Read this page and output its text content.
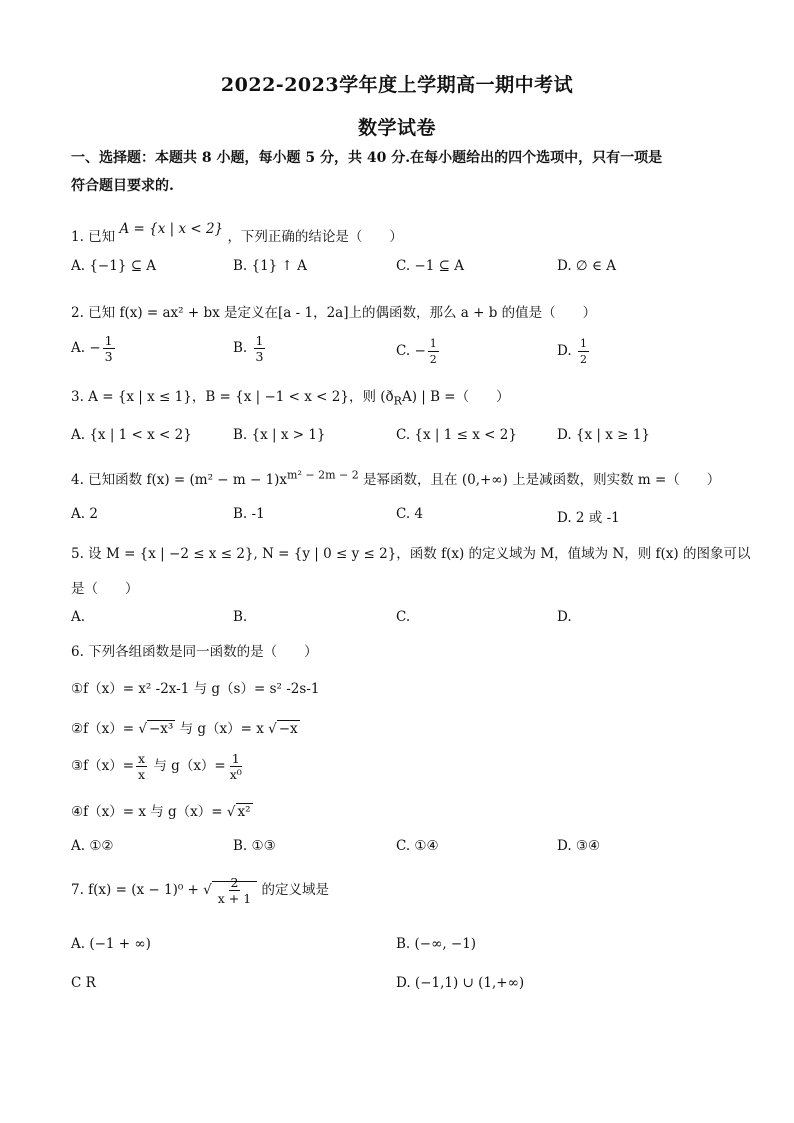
2022-2023学年度上学期高一期中考试
数学试卷
一、选择题：本题共 8 小题，每小题 5 分，共 40 分.在每小题给出的四个选项中，只有一项是
符合题目要求的.
1. 已知 A = {x | x < 2} ，下列正确的结论是（　　）
A. {−1} ⊆ A	B. {1} ↑ A	C. −1 ⊆ A	D. ∅ ∈ A
2. 已知 f(x) = ax² + bx 是定义在[a - 1，2a]上的偶函数，那么 a + b 的值是（　　）
A. − $\frac{1}{3}$	B. $\frac{1}{3}$	C. − $\frac{1}{2}$	D. $\frac{1}{2}$
3. A = {x | x ≤ 1}，B = {x | −1 < x < 2}，则 $(ð_RA)$ | B =（　　）
A. {x | 1 < x < 2}	B. {x | x > 1}	C. {x | 1 ≤ x < 2}	D. {x | x ≥ 1}
4. 已知函数 $f(x) = (m^2 - m - 1)x^{m^2 - 2m - 2}$ 是幂函数，且在 (0,+∞) 上是减函数，则实数 m =（　　）
A. 2	B. -1	C. 4	D. 2 或 -1
5. 设 M = {x | −2 ≤ x ≤ 2}, N = {y | 0 ≤ y ≤ 2}，函数 f(x) 的定义域为 M，值域为 N，则 f(x) 的图象可以
是（　　）
A.	B.	C.	D.
6. 下列各组函数是同一函数的是（　　）
①f（x）= x² -2x-1 与 g（s）= s² -2s-1
②f（x）= √ −x³ 与 g（x）= x √ −x
③f（x）= $\frac{x}{x}$ 与 $g(x)= \frac{1}{\text{x⁰}}$
④f（x）= x 与 g（x）= √ x²
A. ①②	B. ①③	C. ①④	D. ③④
7. f(x) = (x − 1)⁰ + √ $\frac{2}{x + 1}$ 的定义域是
A. (−1 + ∞)	B. (−∞, −1)
C R	D. (−1,1) ∪ (1,+∞)
